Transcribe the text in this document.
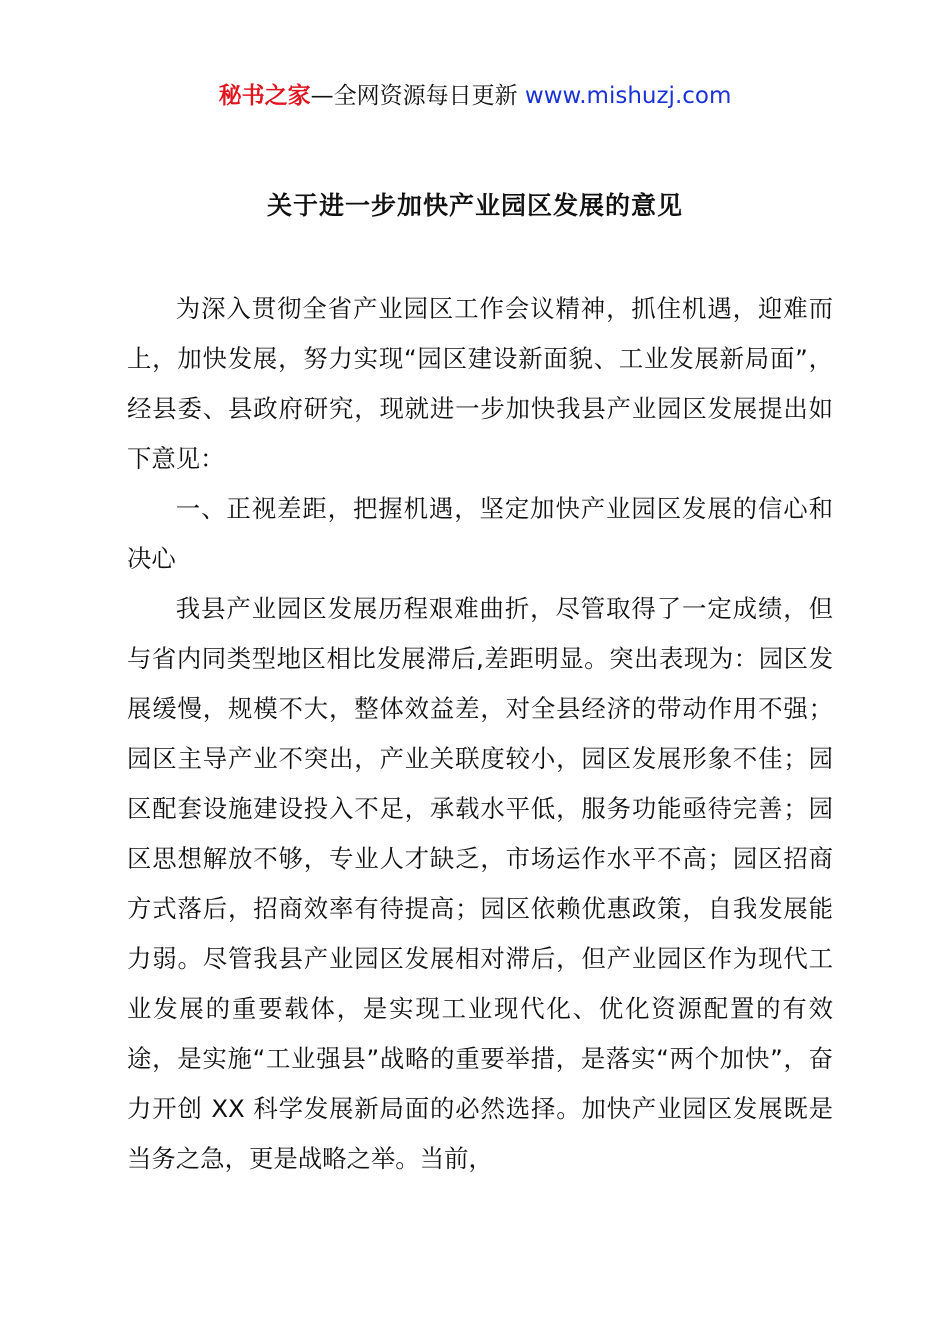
秘书之家—全网资源每日更新 www.mishuzj.com
关于进一步加快产业园区发展的意见

为深入贯彻全省产业园区工作会议精神，抓住机遇，迎难而上，加快发展，努力实现“园区建设新面貌、工业发展新局面”，经县委、县政府研究，现就进一步加快我县产业园区发展提出如下意见：

一、正视差距，把握机遇，坚定加快产业园区发展的信心和决心

我县产业园区发展历程艰难曲折，尽管取得了一定成绩，但与省内同类型地区相比发展滞后,差距明显。突出表现为：园区发展缓慢，规模不大，整体效益差，对全县经济的带动作用不强；园区主导产业不突出，产业关联度较小，园区发展形象不佳；园区配套设施建设投入不足，承载水平低，服务功能亟待完善；园区思想解放不够，专业人才缺乏，市场运作水平不高；园区招商方式落后，招商效率有待提高；园区依赖优惠政策，自我发展能力弱。尽管我县产业园区发展相对滞后，但产业园区作为现代工业发展的重要载体，是实现工业现代化、优化资源配置的有效途，是实施“工业强县”战略的重要举措，是落实“两个加快”，奋力开创 XX 科学发展新局面的必然选择。加快产业园区发展既是当务之急，更是战略之举。当前，
